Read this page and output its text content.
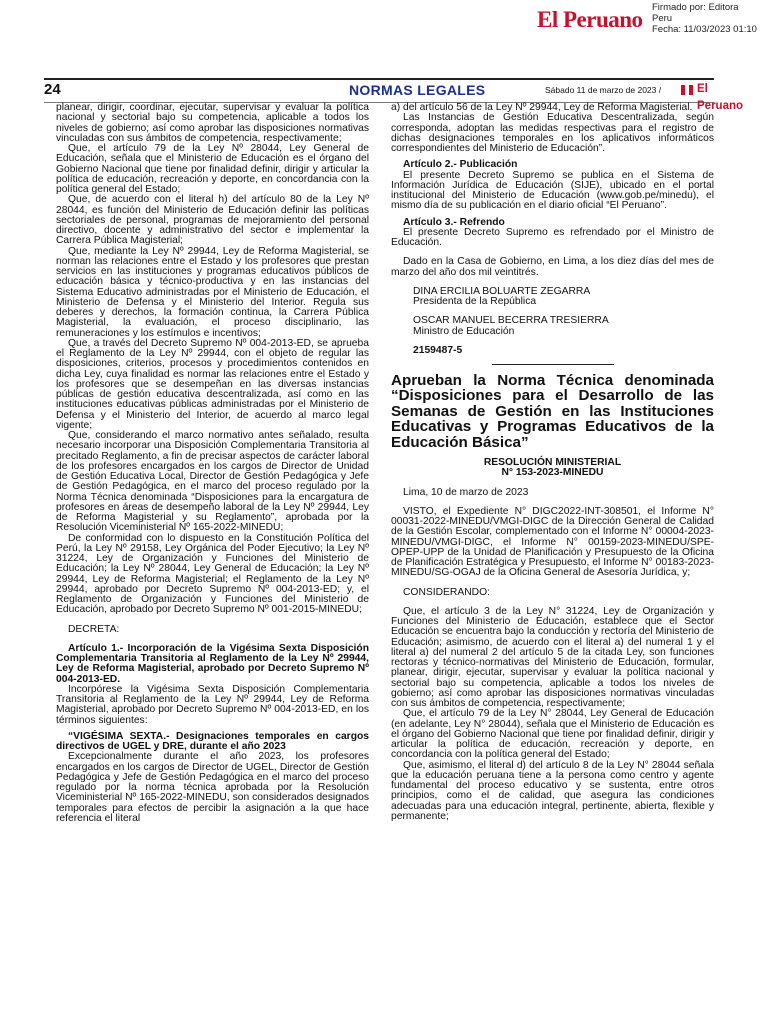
El Peruano Firmado por: Editora
Peru
Fecha: 11/03/2023 01:10
24	NORMAS LEGALES	Sábado 11 de marzo de 2023 /	El Peruano

planear, dirigir, coordinar, ejecutar, supervisar y evaluar la política nacional y sectorial bajo su competencia, aplicable a todos los niveles de gobierno; así como aprobar las disposiciones normativas vinculadas con sus ámbitos de competencia, respectivamente;

Que, el artículo 79 de la Ley Nº 28044, Ley General de Educación, señala que el Ministerio de Educación es el órgano del Gobierno Nacional que tiene por finalidad definir, dirigir y articular la política de educación, recreación y deporte, en concordancia con la política general del Estado;

Que, de acuerdo con el literal h) del artículo 80 de la Ley Nº 28044, es función del Ministerio de Educación definir las políticas sectoriales de personal, programas de mejoramiento del personal directivo, docente y administrativo del sector e implementar la Carrera Pública Magisterial;

Que, mediante la Ley Nº 29944, Ley de Reforma Magisterial, se norman las relaciones entre el Estado y los profesores que prestan servicios en las instituciones y programas educativos públicos de educación básica y técnico-productiva y en las instancias del Sistema Educativo administradas por el Ministerio de Educación, el Ministerio de Defensa y el Ministerio del Interior. Regula sus deberes y derechos, la formación continua, la Carrera Pública Magisterial, la evaluación, el proceso disciplinario, las remuneraciones y los estímulos e incentivos;

Que, a través del Decreto Supremo Nº 004-2013-ED, se aprueba el Reglamento de la Ley Nº 29944, con el objeto de regular las disposiciones, criterios, procesos y procedimientos contenidos en dicha Ley, cuya finalidad es normar las relaciones entre el Estado y los profesores que se desempeñan en las diversas instancias públicas de gestión educativa descentralizada, así como en las instituciones educativas públicas administradas por el Ministerio de Defensa y el Ministerio del Interior, de acuerdo al marco legal vigente;

Que, considerando el marco normativo antes señalado, resulta necesario incorporar una Disposición Complementaria Transitoria al precitado Reglamento, a fin de precisar aspectos de carácter laboral de los profesores encargados en los cargos de Director de Unidad de Gestión Educativa Local, Director de Gestión Pedagógica y Jefe de Gestión Pedagógica, en el marco del proceso regulado por la Norma Técnica denominada “Disposiciones para la encargatura de profesores en áreas de desempeño laboral de la Ley Nº 29944, Ley de Reforma Magisterial y su Reglamento”, aprobada por la Resolución Viceministerial Nº 165-2022-MINEDU;

De conformidad con lo dispuesto en la Constitución Política del Perú, la Ley Nº 29158, Ley Orgánica del Poder Ejecutivo; la Ley Nº 31224, Ley de Organización y Funciones del Ministerio de Educación; la Ley Nº 28044, Ley General de Educación; la Ley Nº 29944, Ley de Reforma Magisterial; el Reglamento de la Ley Nº 29944, aprobado por Decreto Supremo Nº 004-2013-ED; y, el Reglamento de Organización y Funciones del Ministerio de Educación, aprobado por Decreto Supremo Nº 001-2015-MINEDU;

DECRETA:

Artículo 1.- Incorporación de la Vigésima Sexta Disposición Complementaria Transitoria al Reglamento de la Ley Nº 29944, Ley de Reforma Magisterial, aprobado por Decreto Supremo Nº 004-2013-ED.

Incorpórese la Vigésima Sexta Disposición Complementaria Transitoria al Reglamento de la Ley Nº 29944, Ley de Reforma Magisterial, aprobado por Decreto Supremo Nº 004-2013-ED, en los términos siguientes:

“VIGÉSIMA SEXTA.- Designaciones temporales en cargos directivos de UGEL y DRE, durante el año 2023

Excepcionalmente durante el año 2023, los profesores encargados en los cargos de Director de UGEL, Director de Gestión Pedagógica y Jefe de Gestión Pedagógica en el marco del proceso regulado por la norma técnica aprobada por la Resolución Viceministerial Nº 165-2022-MINEDU, son considerados designados temporales para efectos de percibir la asignación a la que hace referencia el literal

a) del artículo 56 de la Ley Nº 29944, Ley de Reforma Magisterial.

Las Instancias de Gestión Educativa Descentralizada, según corresponda, adoptan las medidas respectivas para el registro de dichas designaciones temporales en los aplicativos informáticos correspondientes del Ministerio de Educación”.

Artículo 2.- Publicación

El presente Decreto Supremo se publica en el Sistema de Información Jurídica de Educación (SIJE), ubicado en el portal institucional del Ministerio de Educación (www.gob.pe/minedu), el mismo día de su publicación en el diario oficial “El Peruano”.

Artículo 3.- Refrendo

El presente Decreto Supremo es refrendado por el Ministro de Educación.

Dado en la Casa de Gobierno, en Lima, a los diez días del mes de marzo del año dos mil veintitrés.

DINA ERCILIA BOLUARTE ZEGARRA

Presidenta de la República

OSCAR MANUEL BECERRA TRESIERRA

Ministro de Educación

2159487-5

Aprueban la Norma Técnica denominada “Disposiciones para el Desarrollo de las Semanas de Gestión en las Instituciones Educativas y Programas Educativos de la Educación Básica”

RESOLUCIÓN MINISTERIAL

N° 153-2023-MINEDU

Lima, 10 de marzo de 2023

VISTO, el Expediente N° DIGC2022-INT-308501, el Informe N° 00031-2022-MINEDU/VMGI-DIGC de la Dirección General de Calidad de la Gestión Escolar, complementado con el Informe N° 00004-2023-MINEDU/VMGI-DIGC, el Informe N° 00159-2023-MINEDU/SPE-OPEP-UPP de la Unidad de Planificación y Presupuesto de la Oficina de Planificación Estratégica y Presupuesto, el Informe N° 00183-2023-MINEDU/SG-OGAJ de la Oficina General de Asesoría Jurídica, y;

CONSIDERANDO:

Que, el artículo 3 de la Ley N° 31224, Ley de Organización y Funciones del Ministerio de Educación, establece que el Sector Educación se encuentra bajo la conducción y rectoría del Ministerio de Educación; asimismo, de acuerdo con el literal a) del numeral 1 y el literal a) del numeral 2 del artículo 5 de la citada Ley, son funciones rectoras y técnico-normativas del Ministerio de Educación, formular, planear, dirigir, ejecutar, supervisar y evaluar la política nacional y sectorial bajo su competencia, aplicable a todos los niveles de gobierno; así como aprobar las disposiciones normativas vinculadas con sus ámbitos de competencia, respectivamente;

Que, el artículo 79 de la Ley N° 28044, Ley General de Educación (en adelante, Ley N° 28044), señala que el Ministerio de Educación es el órgano del Gobierno Nacional que tiene por finalidad definir, dirigir y articular la política de educación, recreación y deporte, en concordancia con la política general del Estado;

Que, asimismo, el literal d) del artículo 8 de la Ley N° 28044 señala que la educación peruana tiene a la persona como centro y agente fundamental del proceso educativo y se sustenta, entre otros principios, como el de calidad, que asegura las condiciones adecuadas para una educación integral, pertinente, abierta, flexible y permanente;
